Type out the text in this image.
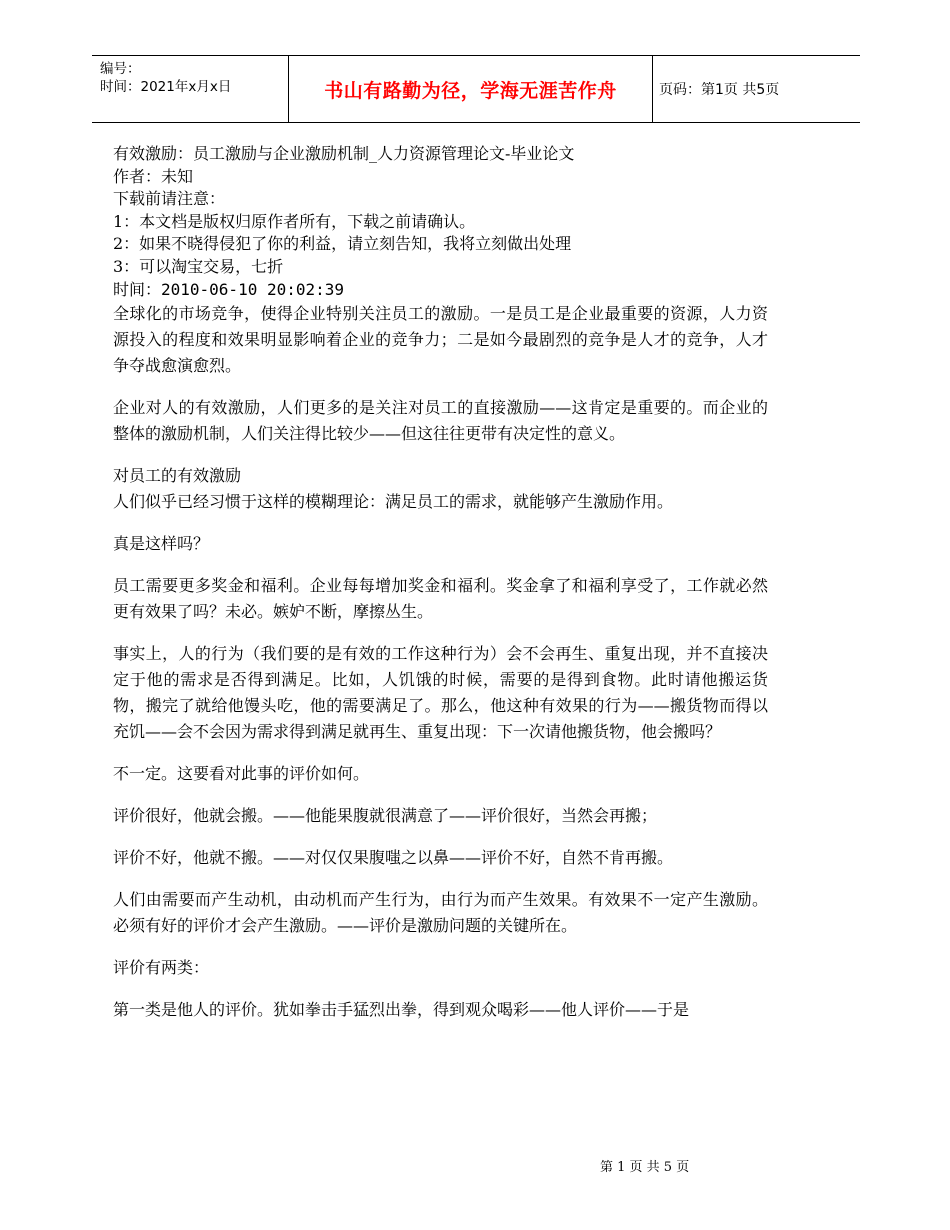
编号：
时间：2021年x月x日	书山有路勤为径，学海无涯苦作舟	页码：第1页 共5页
有效激励：员工激励与企业激励机制_人力资源管理论文-毕业论文
作者：未知
下载前请注意：
1：本文档是版权归原作者所有，下载之前请确认。
2：如果不晓得侵犯了你的利益，请立刻告知，我将立刻做出处理
3：可以淘宝交易，七折
时间：2010-06-10 20:02:39

全球化的市场竞争，使得企业特别关注员工的激励。一是员工是企业最重要的资源，人力资源投入的程度和效果明显影响着企业的竞争力；二是如今最剧烈的竞争是人才的竞争，人才争夺战愈演愈烈。

企业对人的有效激励，人们更多的是关注对员工的直接激励——这肯定是重要的。而企业的整体的激励机制，人们关注得比较少——但这往往更带有决定性的意义。

对员工的有效激励

人们似乎已经习惯于这样的模糊理论：满足员工的需求，就能够产生激励作用。

真是这样吗？

员工需要更多奖金和福利。企业每每增加奖金和福利。奖金拿了和福利享受了，工作就必然更有效果了吗？未必。嫉妒不断，摩擦丛生。

事实上，人的行为（我们要的是有效的工作这种行为）会不会再生、重复出现，并不直接决定于他的需求是否得到满足。比如，人饥饿的时候，需要的是得到食物。此时请他搬运货物，搬完了就给他馒头吃，他的需要满足了。那么，他这种有效果的行为——搬货物而得以充饥——会不会因为需求得到满足就再生、重复出现：下一次请他搬货物，他会搬吗？

不一定。这要看对此事的评价如何。

评价很好，他就会搬。——他能果腹就很满意了——评价很好，当然会再搬；

评价不好，他就不搬。——对仅仅果腹嗤之以鼻——评价不好，自然不肯再搬。

人们由需要而产生动机，由动机而产生行为，由行为而产生效果。有效果不一定产生激励。必须有好的评价才会产生激励。——评价是激励问题的关键所在。

评价有两类：

第一类是他人的评价。犹如拳击手猛烈出拳，得到观众喝彩——他人评价——于是

第 1 页 共 5 页
